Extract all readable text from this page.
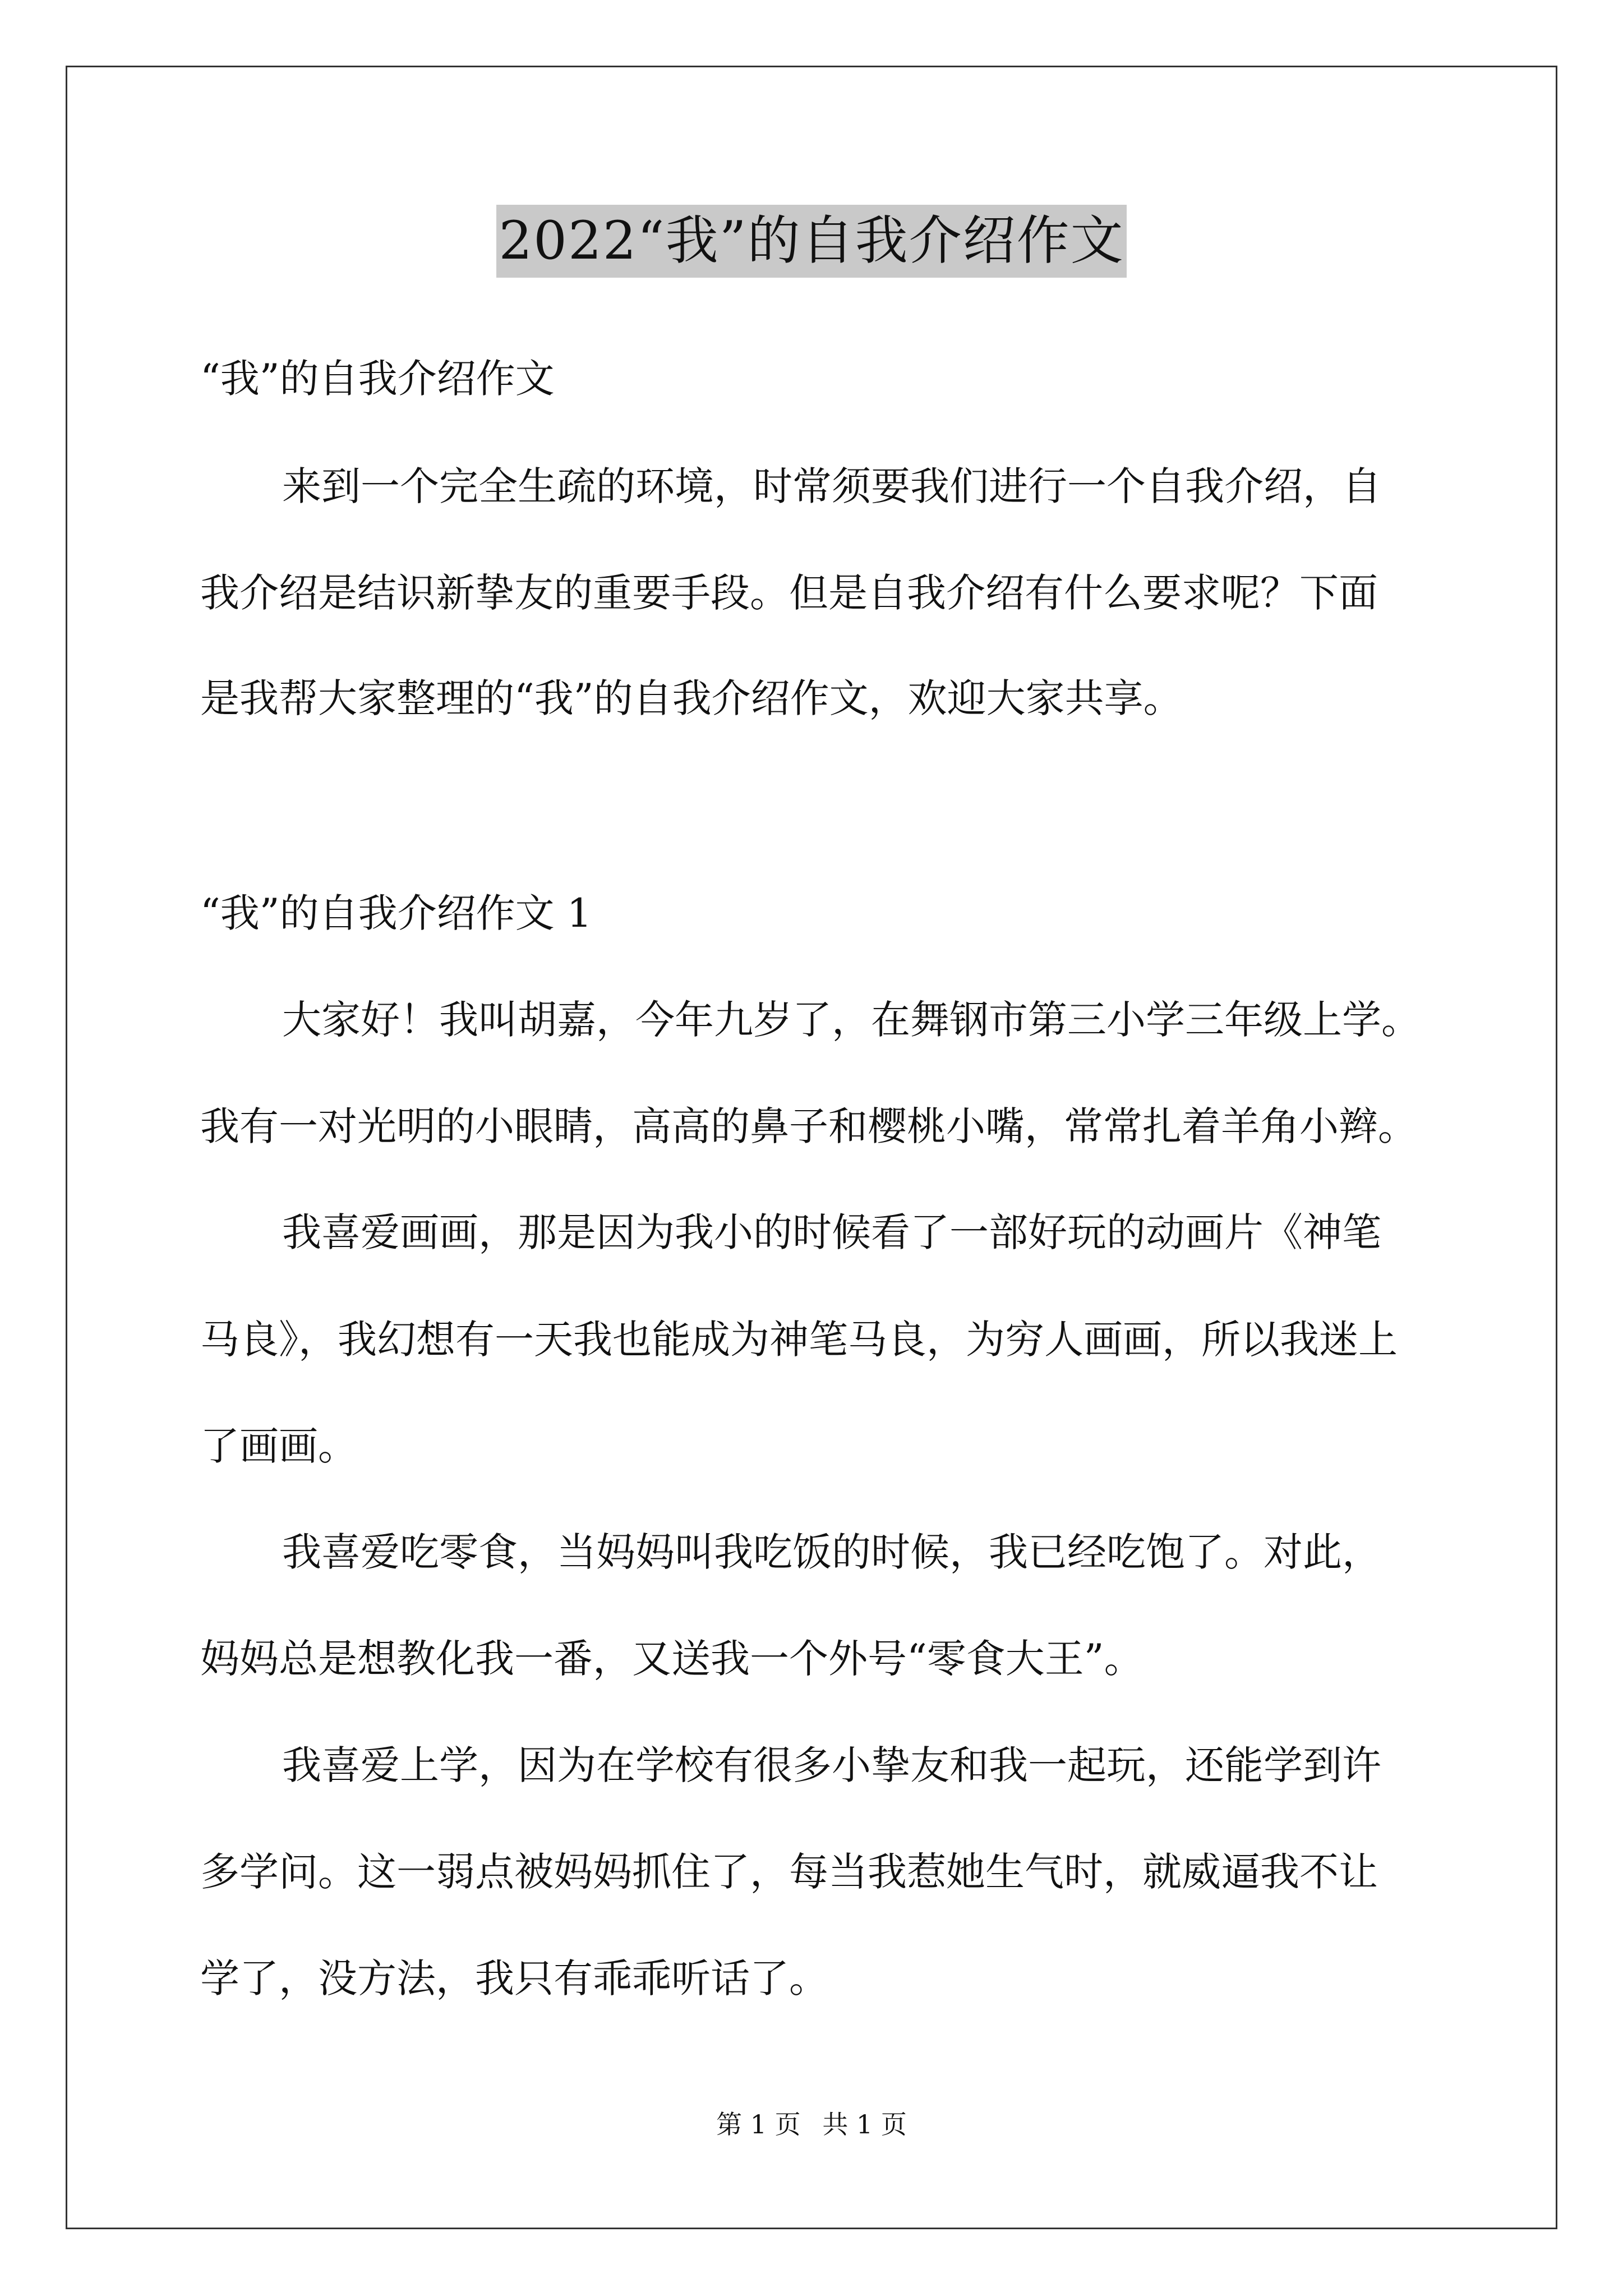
2022“我”的自我介绍作文
“我”的自我介绍作文
来到一个完全生疏的环境，时常须要我们进行一个自我介绍，自
我介绍是结识新挚友的重要手段。但是自我介绍有什么要求呢？下面
是我帮大家整理的“我”的自我介绍作文，欢迎大家共享。
“我”的自我介绍作文 1
大家好！我叫胡嘉，今年九岁了，在舞钢市第三小学三年级上学。
我有一对光明的小眼睛，高高的鼻子和樱桃小嘴，常常扎着羊角小辫。
我喜爱画画，那是因为我小的时候看了一部好玩的动画片《神笔
马良》，我幻想有一天我也能成为神笔马良，为穷人画画，所以我迷上
了画画。
我喜爱吃零食，当妈妈叫我吃饭的时候，我已经吃饱了。对此，
妈妈总是想教化我一番，又送我一个外号“零食大王”。
我喜爱上学，因为在学校有很多小挚友和我一起玩，还能学到许
多学问。这一弱点被妈妈抓住了，每当我惹她生气时，就威逼我不让
学了，没方法，我只有乖乖听话了。
第 1 页 共 1 页
